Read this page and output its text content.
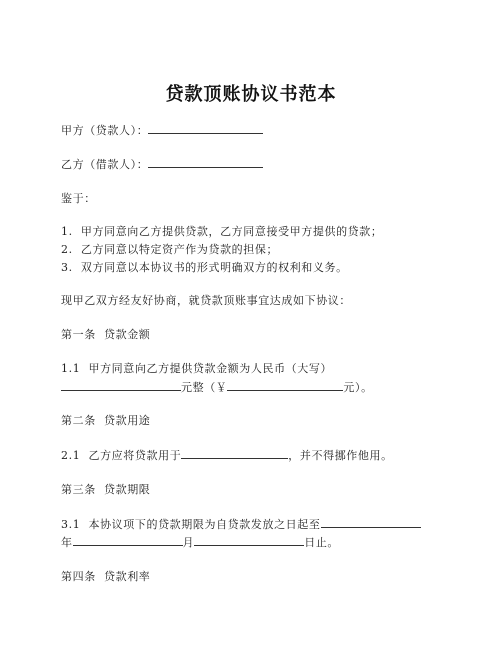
贷款顶账协议书范本
甲方（贷款人）：
乙方（借款人）：
鉴于：
1.  甲方同意向乙方提供贷款，乙方同意接受甲方提供的贷款；
2.  乙方同意以特定资产作为贷款的担保；
3.  双方同意以本协议书的形式明确双方的权利和义务。
现甲乙双方经友好协商，就贷款顶账事宜达成如下协议：
第一条  贷款金额
1.1  甲方同意向乙方提供贷款金额为人民币（大写）
元整（￥	元）。
第二条  贷款用途
2.1  乙方应将贷款用于	，并不得挪作他用。
第三条  贷款期限
3.1  本协议项下的贷款期限为自贷款发放之日起至
年	月	日止。
第四条  贷款利率
